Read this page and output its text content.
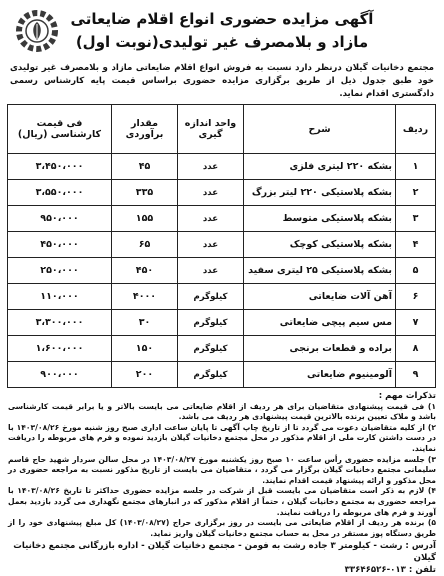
آگهی مزایده حضوری انواع اقلام ضایعاتی
مازاد و بلامصرف غیر تولیدی(نوبت اول)
مجتمع دخانیات گیلان درنظر دارد نسبت به فروش انواع اقلام ضایعاتی مازاد و بلامصرف غیر تولیدی خود طبق جدول ذیل از طریق برگزاری مزایده حضوری براساس قیمت پایه کارشناس رسمی دادگستری اقدام نماید.
ردیف	شرح	واحد اندازه گیری	مقدار برآوردی	فی قیمت کارشناسی (ریال)
۱	بشکه ۲۲۰ لیتری فلزی	عدد	۴۵	۳،۴۵۰،۰۰۰
۲	بشکه پلاستیکی ۲۲۰ لیتر بزرگ	عدد	۳۳۵	۳،۵۵۰،۰۰۰
۳	بشکه پلاستیکی متوسط	عدد	۱۵۵	۹۵۰،۰۰۰
۴	بشکه پلاستیکی کوچک	عدد	۶۵	۴۵۰،۰۰۰
۵	بشکه پلاستیکی ۲۵ لیتری سفید	عدد	۴۵۰	۲۵۰،۰۰۰
۶	آهن آلات ضایعاتی	کیلوگرم	۴۰۰۰	۱۱۰،۰۰۰
۷	مس سیم پیچی ضایعاتی	کیلوگرم	۳۰	۳،۳۰۰،۰۰۰
۸	براده و قطعات برنجی	کیلوگرم	۱۵۰	۱،۶۰۰،۰۰۰
۹	آلومینیوم ضایعاتی	کیلوگرم	۲۰۰	۹۰۰،۰۰۰
تذکرات مهم :
۱) فی قیمت پیشنهادی متقاضیان برای هر ردیف از اقلام ضایعاتی می بایست بالاتر و یا برابر قیمت کارشناسی باشد و ملاک تعیین برنده بالاترین قیمت پیشنهادی هر ردیف می باشد.
۲) از کلیه متقاضیان دعوت می گردد تا از تاریخ چاپ آگهی تا پایان ساعت اداری صبح روز شنبه مورخ ۱۴۰۳/۰۸/۲۶ با در دست داشتن کارت ملی از اقلام مذکور در محل مجتمع دخانیات گیلان بازدید نموده و فرم های مربوطه را دریافت نمایند.
۳) جلسه مزایده حضوری رأس ساعت ۱۰ صبح روز یکشنبه مورخ ۱۴۰۳/۰۸/۲۷ در محل سالن سردار شهید حاج قاسم سلیمانی مجتمع دخانیات گیلان برگزار می گردد ، متقاضیان می بایست از تاریخ مذکور نسبت به مراجعه حضوری در محل مذکور و ارائه پیشنهاد قیمت اقدام نمایند.
۴) لازم به ذکر است متقاضیان می بایست قبل از شرکت در جلسه مزایده حضوری حداکثر تا تاریخ ۱۴۰۳/۰۸/۲۶ با مراجعه حضوری به مجتمع دخانیات گیلان ، حتماً از اقلام مذکور که در انبارهای مجتمع نگهداری می گردد بازدید بعمل آورند و فرم های مربوطه را دریافت نمایند.
۵) برنده هر ردیف از اقلام ضایعاتی می بایست در روز برگزاری حراج (۱۴۰۳/۰۸/۲۷) کل مبلغ پیشنهادی خود را از طریق دستگاه پوز مستقر در محل به حساب مجتمع دخانیات گیلان واریز نماید.
آدرس : رشت - کیلومتر ۳ جاده رشت به فومن - مجتمع دخانیات گیلان - اداره بازرگانی مجتمع دخانیات گیلان
تلفن : ۰۱۳-۳۳۶۴۶۵۲۶
